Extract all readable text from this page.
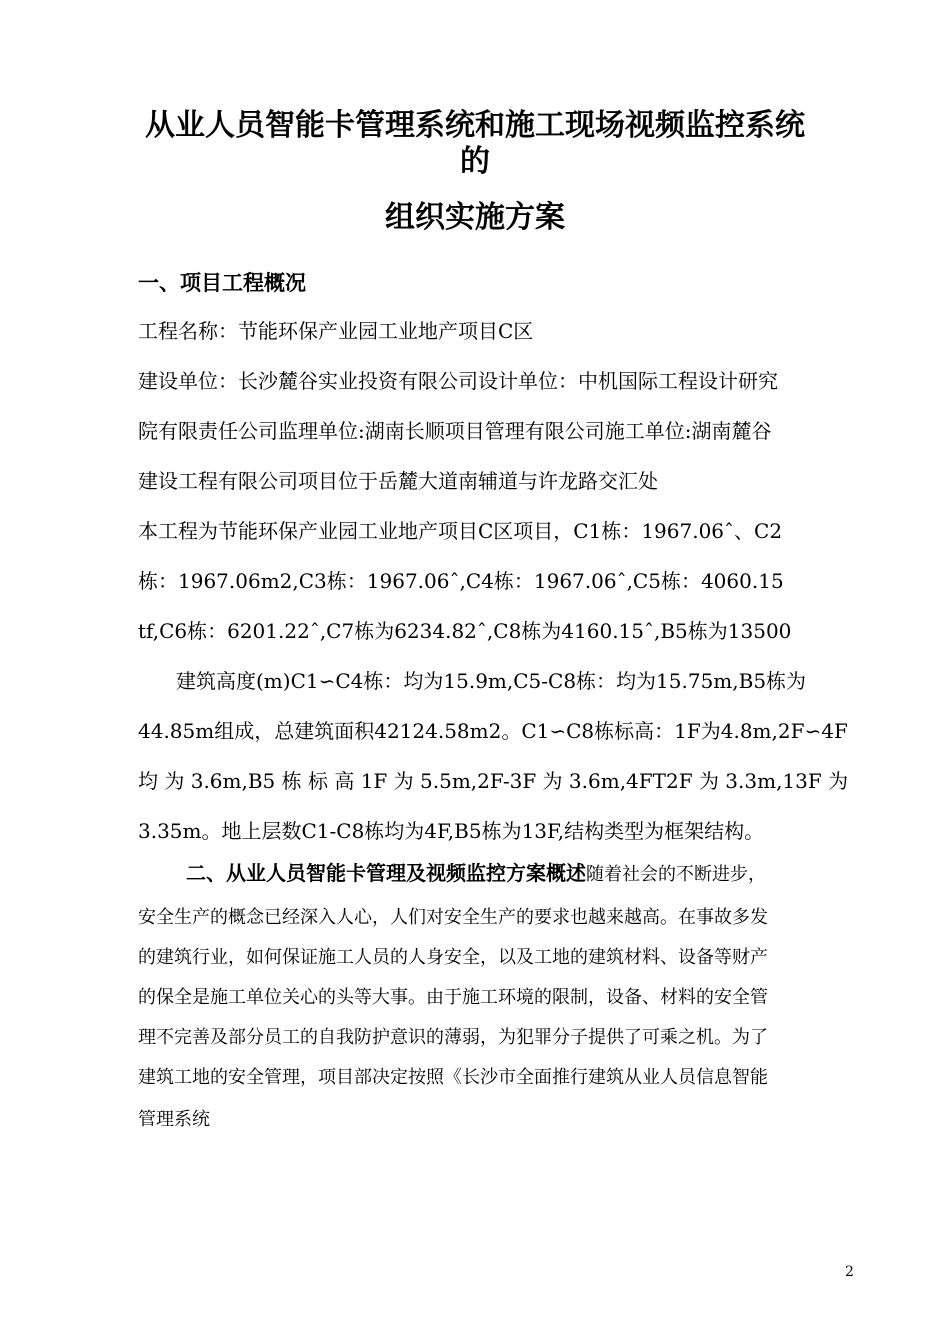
从业人员智能卡管理系统和施工现场视频监控系统
的
组织实施方案
一、项目工程概况
工程名称：节能环保产业园工业地产项目C区
建设单位：长沙麓谷实业投资有限公司设计单位：中机国际工程设计研究
院有限责任公司监理单位:湖南长顺项目管理有限公司施工单位:湖南麓谷
建设工程有限公司项目位于岳麓大道南辅道与许龙路交汇处
本工程为节能环保产业园工业地产项目C区项目，C1栋：1967.06ˆ、C2
栋：1967.06m2,C3栋：1967.06ˆ,C4栋：1967.06ˆ,C5栋：4060.15
tf,C6栋：6201.22ˆ,C7栋为6234.82ˆ,C8栋为4160.15ˆ,B5栋为13500
建筑高度(m)C1∽C4栋：均为15.9m,C5-C8栋：均为15.75m,B5栋为
44.85m组成，总建筑面积42124.58m2。C1∽C8栋标高：1F为4.8m,2F∽4F
均 为 3.6m,B5 栋 标 高 1F 为 5.5m,2F-3F 为 3.6m,4FT2F 为 3.3m,13F 为
3.35m。地上层数C1-C8栋均为4F,B5栋为13F,结构类型为框架结构。
二、从业人员智能卡管理及视频监控方案概述随着社会的不断进步，
安全生产的概念已经深入人心，人们对安全生产的要求也越来越高。在事故多发
的建筑行业，如何保证施工人员的人身安全，以及工地的建筑材料、设备等财产
的保全是施工单位关心的头等大事。由于施工环境的限制，设备、材料的安全管
理不完善及部分员工的自我防护意识的薄弱，为犯罪分子提供了可乘之机。为了
建筑工地的安全管理，项目部决定按照《长沙市全面推行建筑从业人员信息智能
管理系统
2
